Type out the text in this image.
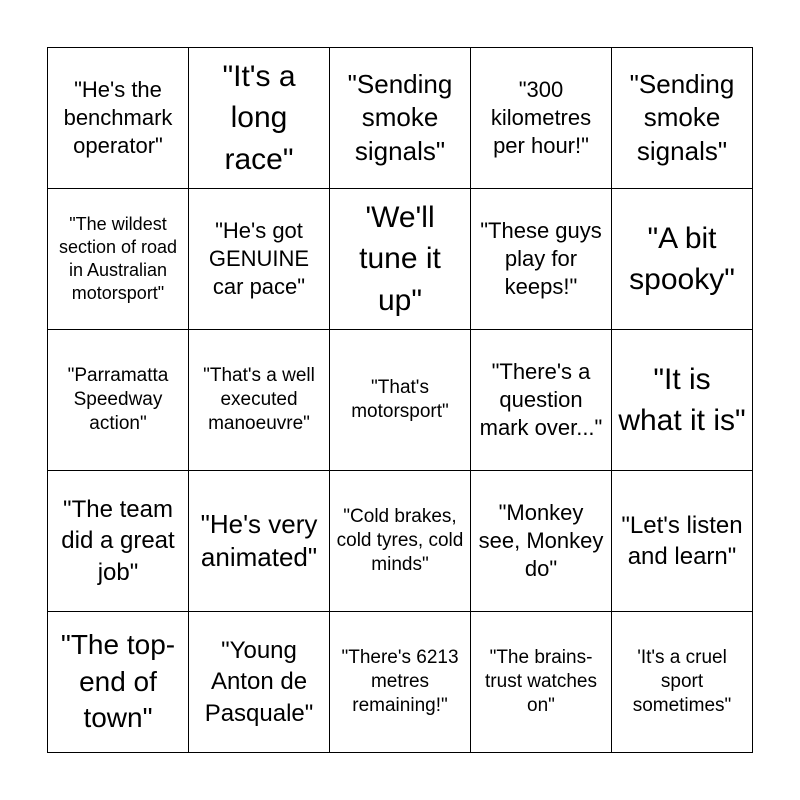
"He's the benchmark operator"
"It's a long race"
"Sending smoke signals"
"300 kilometres per hour!"
"Sending smoke signals"
"The wildest section of road in Australian motorsport"
"He's got GENUINE car pace"
'We'll tune it up"
"These guys play for keeps!"
"A bit spooky"
"Parramatta Speedway action"
"That's a well executed manoeuvre"
"That's motorsport"
"There's a question mark over..."
"It is what it is"
"The team did a great job"
"He's very animated"
"Cold brakes, cold tyres, cold minds"
"Monkey see, Monkey do"
"Let's listen and learn"
"The top-end of town"
"Young Anton de Pasquale"
"There's 6213 metres remaining!"
"The brains-trust watches on"
'It's a cruel sport sometimes"
